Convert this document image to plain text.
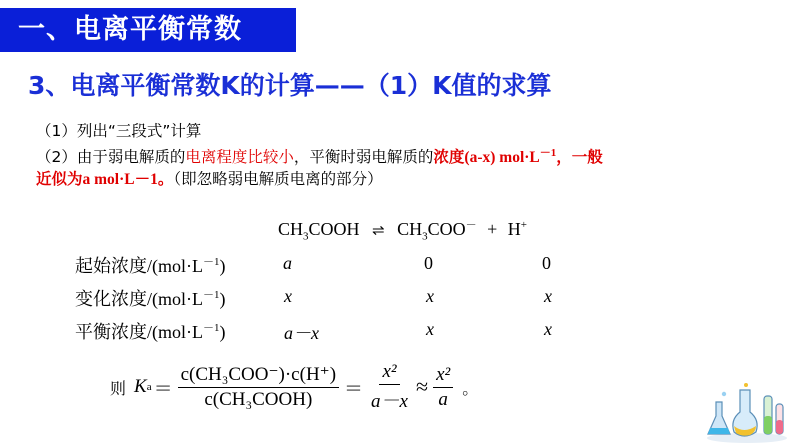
一、电离平衡常数
3、电离平衡常数K的计算——（1）K值的求算
（1）列出“三段式”计算
（2）由于弱电解质的电离程度比较小，平衡时弱电解质的浓度(a-x) $mol\cdot L^{-1}$，一般
近似为a mol·L－1。（即忽略弱电解质电离的部分）
$CH_3COOH$ ⇌ $CH_3COO^- + H^+$
起始浓度$/(mol\cdot L^{-1})$	a	0	0
变化浓度$/(mol\cdot L^{-1})$	x	x	x
平衡浓度$/(mol\cdot L^{-1})$	a－x	x	x
则 K $a = \frac{\text{c(CH₃COO⁻)·c(H⁺)}}{\text{c(CH₃COOH)}} = \frac{\text{x²}}{a-x} \approx \frac{\text{x²}}{a}$ 。
